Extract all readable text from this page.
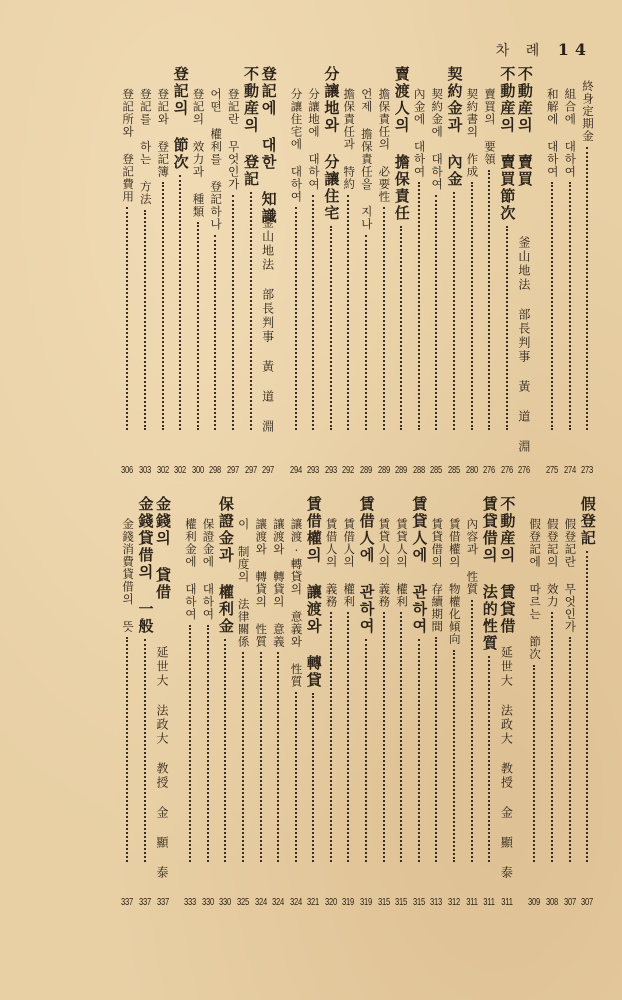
차 례 14
終身定期金
273
組合에 대하여
274
和解에 대하여
275
不動産의 賣買
釜山地法 部長判事 黃 道 淵
276
不動産의 賣買節次
276
賣買의 要領
276
契約書의 作成
280
契約金과 內金
285
契約金에 대하여
285
內金에 대하여
288
賣渡人의 擔保責任
289
擔保責任의 必要性
289
언제 擔保責任을 지나
289
擔保責任과 特約
292
分讓地와 分讓住宅
293
分讓地에 대하여
293
分讓住宅에 대하여
294
登記에 대한 知識
釜山地法 部長判事 黃 道 淵
297
不動産의 登記
297
登記란 무엇인가
297
어떤 權利를 登記하나
298
登記의 效力과 種類
300
登記의 節次
302
登記와 登記簿
302
登記를 하는 方法
303
登記所와 登記費用
306
假登記
307
假登記란 무엇인가
307
假登記의 效力
308
假登記에 따르는 節次
309
不動産의 賃貸借
延世大 法政大 教授 金 顯 泰
311
賃貸借의 法的性質
311
內容과 性質
311
賃借權의 物權化傾向
312
賃貸借의 存續期間
313
賃貸人에 관하여
315
賃貸人의 權利
315
賃貸人의 義務
315
賃借人에 관하여
319
賃借人의 權利
319
賃借人의 義務
320
賃借權의 讓渡와 轉貸
321
讓渡·轉貸의 意義와 性質
324
讓渡와 轉貸의 意義
324
讓渡와 轉貸의 性質
324
이 制度의 法律關係
325
保證金과 權利金
330
保證金에 대하여
330
權利金에 대하여
333
金錢의 貸借
延世大 法政大 教授 金 顯 泰
337
金錢貸借의 一般
337
金錢消費貸借의 뜻
337
